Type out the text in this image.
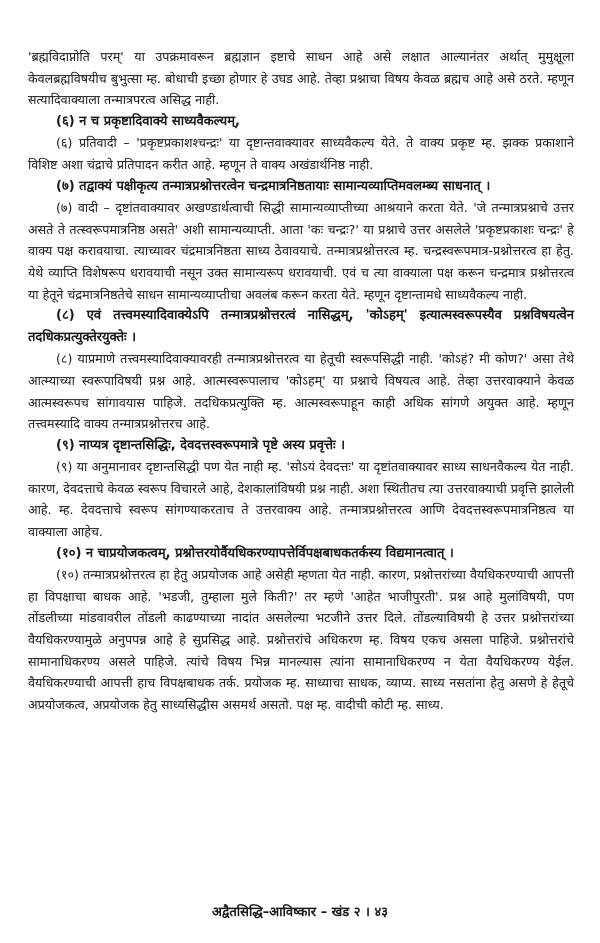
'ब्रह्मविदाप्नोति परम्' या उपक्रमावरून ब्रह्मज्ञान इष्टाचे साधन आहे असे लक्षात आल्यानंतर अर्थात् मुमुक्षूला केवलब्रह्मविषयीच बुभुत्सा म्ह. बोधाची इच्छा होणार हे उघड आहे. तेव्हा प्रश्नाचा विषय केवळ ब्रह्मच आहे असे ठरते. म्हणून सत्यादिवाक्याला तन्मात्रपरत्व असिद्ध नाही.

(६) न च प्रकृष्टादिवाक्ये साध्यवैकल्यम्,

(६) प्रतिवादी – 'प्रकृष्टप्रकाशश्चन्द्रः' या दृष्टान्तवाक्यावर साध्यवैकल्य येते. ते वाक्य प्रकृष्ट म्ह. झक्क प्रकाशाने विशिष्ट अशा चंद्राचे प्रतिपादन करीत आहे. म्हणून ते वाक्य अखंडार्थनिष्ठ नाही.

(७) तद्वाक्यं पक्षीकृत्य तन्मात्रप्रश्नोत्तरत्वेन चन्द्रमात्रनिष्ठतायाः सामान्यव्याप्तिमवलम्ब्य साधनात् ।

(७) वादी – दृष्टांतवाक्यावर अखण्डार्थत्वाची सिद्धी सामान्यव्याप्तीच्या आश्रयाने करता येते. 'जे तन्मात्रप्रश्नाचे उत्तर असते ते तत्स्वरूपमात्रनिष्ठ असते' अशी सामान्यव्याप्ती. आता 'कः चन्द्रः?' या प्रश्नाचे उत्तर असलेले 'प्रकृष्टप्रकाशः चन्द्रः' हे वाक्य पक्ष करावयाचा. त्याच्यावर चंद्रमात्रनिष्ठता साध्य ठेवावयाचे. तन्मात्रप्रश्नोत्तरत्व म्ह. चन्द्रस्वरूपमात्र-प्रश्नोत्तरत्व हा हेतु. येथे व्याप्ति विशेषरूप धरावयाची नसून उक्त सामान्यरूप धरावयाची. एवं च त्या वाक्याला पक्ष करून चन्द्रमात्र प्रश्नोत्तरत्व या हेतूने चंद्रमात्रनिष्ठतेचे साधन सामान्यव्याप्तीचा अवलंब करून करता येते. म्हणून दृष्टान्तामधे साध्यवैकल्य नाही.

(८) एवं तत्त्वमस्यादिवाक्येऽपि तन्मात्रप्रश्नोत्तरत्वं नासिद्धम्, 'कोऽहम्' इत्यात्मस्वरूपस्यैव प्रश्नविषयत्वेन तदधिकप्रत्युक्तेरयुक्तेः ।

(८) याप्रमाणे तत्त्वमस्यादिवाक्यावरही तन्मात्रप्रश्नोत्तरत्व या हेतूची स्वरूपसिद्धी नाही. 'कोऽहं? मी कोण?' असा तेथे आत्म्याच्या स्वरूपाविषयी प्रश्न आहे. आत्मस्वरूपालाच 'कोऽहम्' या प्रश्नाचे विषयत्व आहे. तेव्हा उत्तरवाक्याने केवळ आत्मस्वरूपच सांगावयास पाहिजे. तदधिकप्रत्युक्ति म्ह. आत्मस्वरूपाहून काही अधिक सांगणे अयुक्त आहे. म्हणून तत्त्वमस्यादि वाक्य तन्मात्रप्रश्नोत्तरच आहे.

(९) नाप्यत्र दृष्टान्तसिद्धिः, देवदत्तस्वरूपमात्रे पृष्टे अस्य प्रवृत्तेः ।

(९) या अनुमानावर दृष्टान्तसिद्धी पण येत नाही म्ह. 'सोऽयं देवदत्तः' या दृष्टांतवाक्यावर साध्य साधनवैकल्य येत नाही. कारण, देवदत्ताचे केवळ स्वरूप विचारले आहे, देशकालांविषयी प्रश्न नाही. अशा स्थितीतच त्या उत्तरवाक्याची प्रवृत्ति झालेली आहे. म्ह. देवदत्ताचे स्वरूप सांगण्याकरताच ते उत्तरवाक्य आहे. तन्मात्रप्रश्नोत्तरत्व आणि देवदत्तस्वरूपमात्रनिष्ठत्व या वाक्याला आहेच.

(१०) न चाप्रयोजकत्वम्, प्रश्नोत्तरयोर्वैयधिकरण्यापत्तेर्विपक्षबाधकतर्कस्य विद्यमानत्वात् ।

(१०) तन्मात्रप्रश्नोत्तरत्व हा हेतु अप्रयोजक आहे असेही म्हणता येत नाही. कारण, प्रश्नोत्तरांच्या वैयधिकरण्याची आपत्ती हा विपक्षाचा बाधक आहे. 'भडजी, तुम्हाला मुले किती?' तर म्हणे 'आहेत भाजीपुरती'. प्रश्न आहे मुलांविषयी, पण तोंडलीच्या मांडवावरील तोंडली काढण्याच्या नादांत असलेल्या भटजीने उत्तर दिले. तोंडल्याविषयी हे उत्तर प्रश्नोत्तरांच्या वैयधिकरण्यामुळे अनुपपन्न आहे हे सुप्रसिद्ध आहे. प्रश्नोत्तरांचे अधिकरण म्ह. विषय एकच असला पाहिजे. प्रश्नोत्तरांचे सामानाधिकरण्य असले पाहिजे. त्यांचे विषय भिन्न मानल्यास त्यांना सामानाधिकरण्य न येता वैयधिकरण्य येईल. वैयधिकरण्याची आपत्ती हाच विपक्षबाधक तर्क. प्रयोजक म्ह. साध्याचा साधक, व्याप्य. साध्य नसतांना हेतु असणे हे हेतूचे अप्रयोजकत्व, अप्रयोजक हेतु साध्यसिद्धीस असमर्थ असतो. पक्ष म्ह. वादीची कोटी म्ह. साध्य.

अद्वैतसिद्धि–आविष्कार – खंड २ । ४३
